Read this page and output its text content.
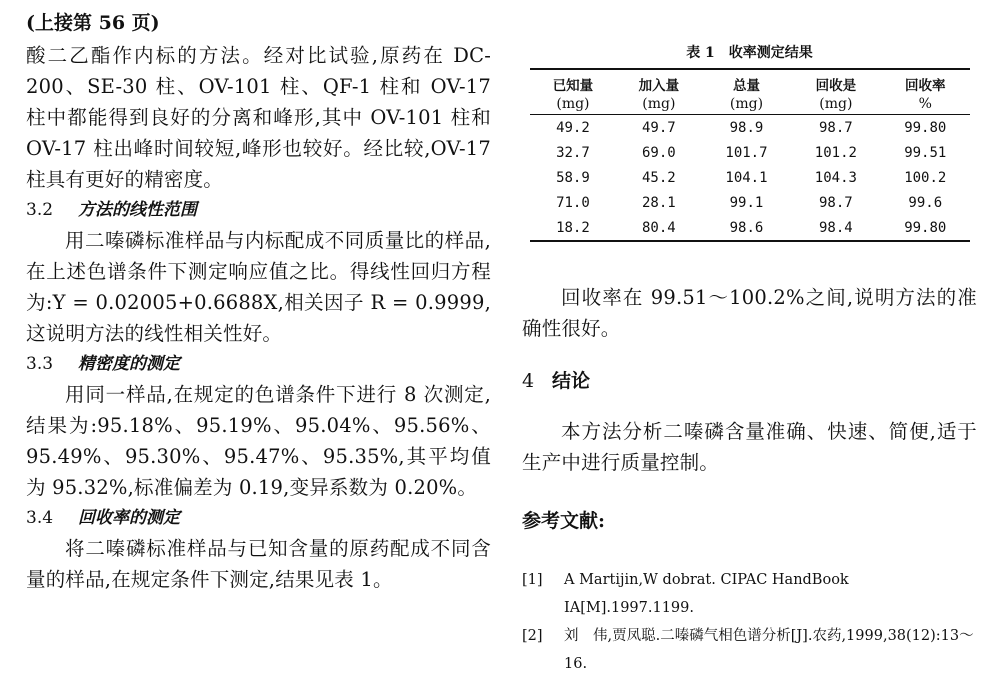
(上接第 56 页)

酸二乙酯作内标的方法。经对比试验,原药在 DC-200、SE-30 柱、OV-101 柱、QF-1 柱和 OV-17 柱中都能得到良好的分离和峰形,其中 OV-101 柱和 OV-17 柱出峰时间较短,峰形也较好。经比较,OV-17 柱具有更好的精密度。

3.2 方法的线性范围

用二嗪磷标准样品与内标配成不同质量比的样品,在上述色谱条件下测定响应值之比。得线性回归方程为:Y = 0.02005+0.6688X,相关因子 R = 0.9999,这说明方法的线性相关性好。

3.3 精密度的测定

用同一样品,在规定的色谱条件下进行 8 次测定,结果为:95.18%、95.19%、95.04%、95.56%、95.49%、95.30%、95.47%、95.35%,其平均值为 95.32%,标准偏差为 0.19,变异系数为 0.20%。

3.4 回收率的测定

将二嗪磷标准样品与已知含量的原药配成不同含量的样品,在规定条件下测定,结果见表 1。

表 1　收率测定结果
已知量	加入量	总量	回收是	回收率
(mg)	(mg)	(mg)	(mg)	%
49.2	49.7	98.9	98.7	99.80
32.7	69.0	101.7	101.2	99.51
58.9	45.2	104.1	104.3	100.2
71.0	28.1	99.1	98.7	99.6
18.2	80.4	98.6	98.4	99.80

回收率在 99.51～100.2%之间,说明方法的准确性很好。

4 结论

本方法分析二嗪磷含量准确、快速、简便,适于生产中进行质量控制。

参考文献:
[1]	A Martijin,W dobrat. CIPAC HandBook IA[M].1997.1199.
[2]	刘　伟,贾凤聪.二嗪磷气相色谱分析[J].农药,1999,38(12):13～16.
